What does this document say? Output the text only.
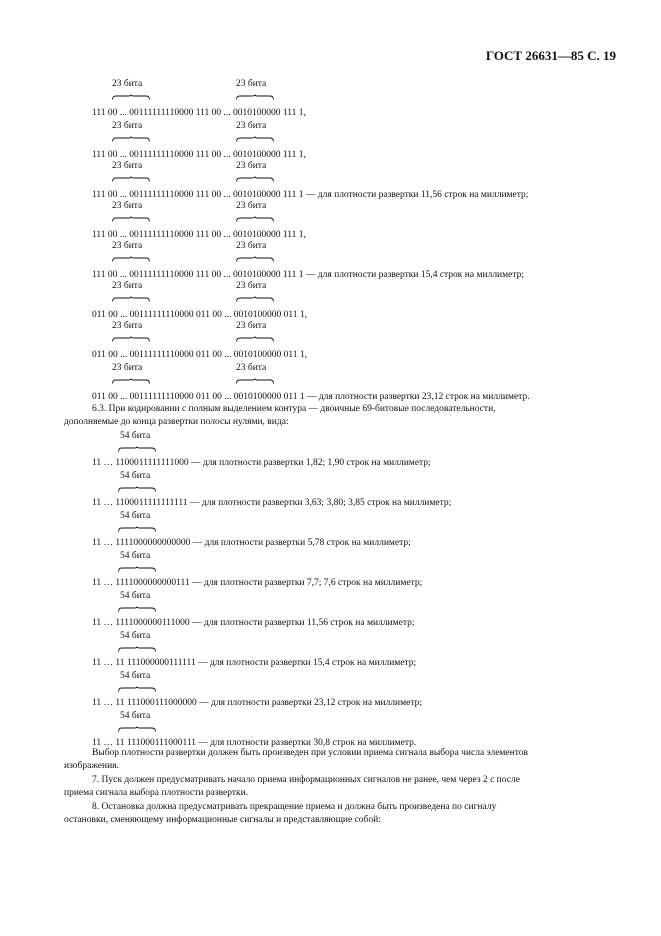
ГОСТ 26631—85 С. 19
23 бита	23 бита
111 00 ... 00111111110000 111 00 ... 0010100000 111 1,
23 бита	23 бита
111 00 ... 00111111110000 111 00 ... 0010100000 111 1,
23 бита	23 бита
111 00 ... 00111111110000 111 00 ... 0010100000 111 1 — для плотности развертки 11,56 строк на миллиметр;
23 бита	23 бита
111 00 ... 00111111110000 111 00 ... 0010100000 111 1,
23 бита	23 бита
111 00 ... 00111111110000 111 00 ... 0010100000 111 1 — для плотности развертки 15,4 строк на миллиметр;
23 бита	23 бита
011 00 ... 00111111110000 011 00 ... 0010100000 011 1,
23 бита	23 бита
011 00 ... 00111111110000 011 00 ... 0010100000 011 1,
23 бита	23 бита
011 00 ... 00111111110000 011 00 ... 0010100000 011 1 — для плотности развертки 23,12 строк на миллиметр.
54 бита
11 … 1100011111111000 — для плотности развертки 1,82; 1,90 строк на миллиметр;
54 бита
11 … 1100011111111111 — для плотности развертки 3,63; 3,80; 3,85 строк на миллиметр;
54 бита
11 … 1111000000000000 — для плотности развертки 5,78 строк на миллиметр;
54 бита
11 … 1111000000000111 — для плотности развертки 7,7; 7,6 строк на миллиметр;
54 бита
11 … 1111000000111000 — для плотности развертки 11,56 строк на миллиметр;
54 бита
11 … 11 111000000111111 — для плотности развертки 15,4 строк на миллиметр;
54 бита
11 … 11 111000111000000 — для плотности развертки 23,12 строк на миллиметр;
54 бита
11 … 11 111000111000111 — для плотности развертки 30,8 строк на миллиметр.
6.3. При кодировании с полным выделением контура — двоичные 69-битовые последовательности,
дополняемые до конца развертки полосы нулями, вида:
Выбор плотности развертки должен быть произведен при условии приема сигнала выбора числа элементов
изображения.
7. Пуск должен предусматривать начало приема информационных сигналов не ранее, чем через 2 с после
приема сигнала выбора плотности развертки.
8. Остановка должна предусматривать прекращение приема и должна быть произведена по сигналу
остановки, сменяющему информационные сигналы и представляющие собой:
